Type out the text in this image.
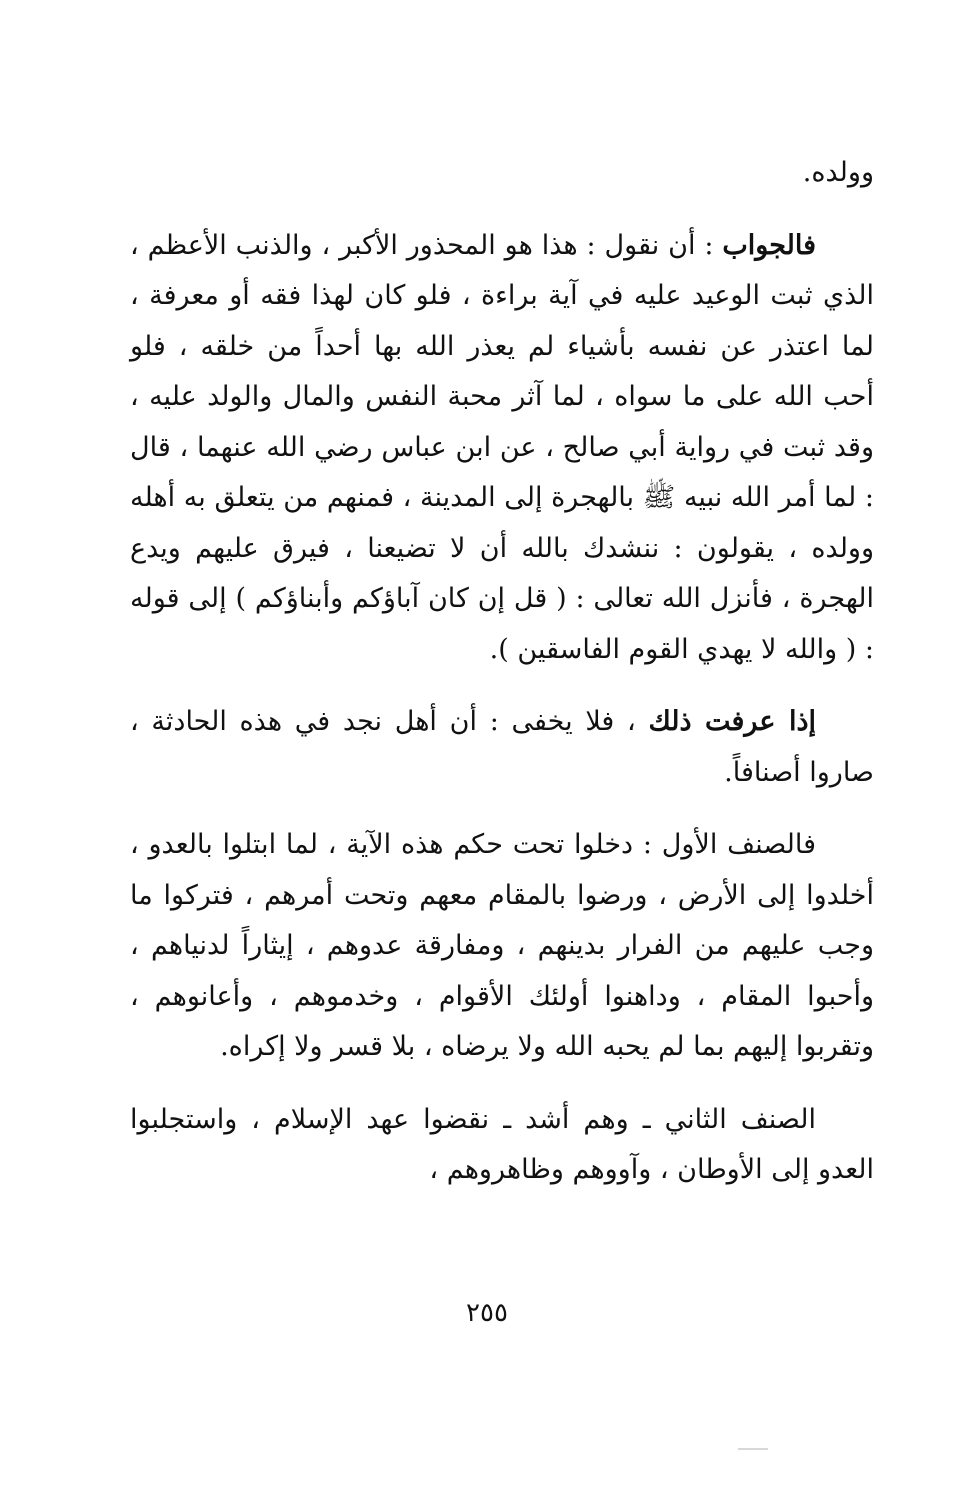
وولده.

فالجواب : أن نقول : هذا هو المحذور الأكبر ، والذنب الأعظم ، الذي ثبت الوعيد عليه في آية براءة ، فلو كان لهذا فقه أو معرفة ، لما اعتذر عن نفسه بأشياء لم يعذر الله بها أحداً من خلقه ، فلو أحب الله على ما سواه ، لما آثر محبة النفس والمال والولد عليه ، وقد ثبت في رواية أبي صالح ، عن ابن عباس رضي الله عنهما ، قال : لما أمر الله نبيه ﷺ بالهجرة إلى المدينة ، فمنهم من يتعلق به أهله وولده ، يقولون : ننشدك بالله أن لا تضيعنا ، فيرق عليهم ويدع الهجرة ، فأنزل الله تعالى : ( قل إن كان آباؤكم وأبناؤكم ) إلى قوله : ( والله لا يهدي القوم الفاسقين ).

إذا عرفت ذلك ، فلا يخفى : أن أهل نجد في هذه الحادثة ، صاروا أصنافاً.

فالصنف الأول : دخلوا تحت حكم هذه الآية ، لما ابتلوا بالعدو ، أخلدوا إلى الأرض ، ورضوا بالمقام معهم وتحت أمرهم ، فتركوا ما وجب عليهم من الفرار بدينهم ، ومفارقة عدوهم ، إيثاراً لدنياهم ، وأحبوا المقام ، وداهنوا أولئك الأقوام ، وخدموهم ، وأعانوهم ، وتقربوا إليهم بما لم يحبه الله ولا يرضاه ، بلا قسر ولا إكراه.

الصنف الثاني ـ وهم أشد ـ نقضوا عهد الإسلام ، واستجلبوا العدو إلى الأوطان ، وآووهم وظاهروهم ،

٢٥٥
